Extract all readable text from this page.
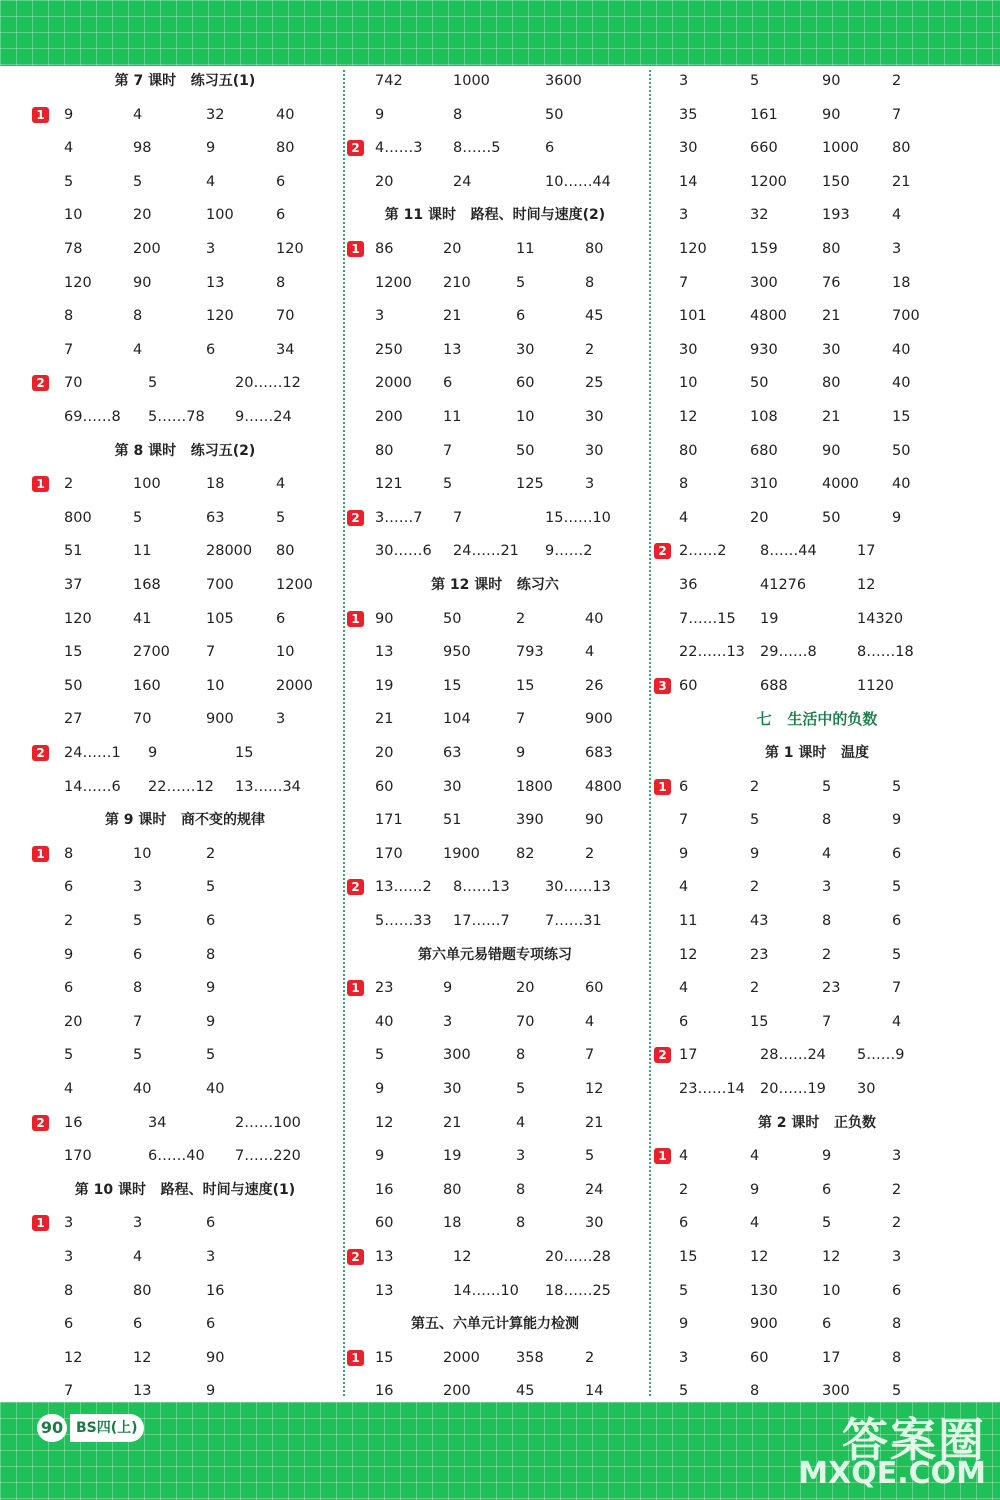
第 7 课时   练习五(1)
1 9	4	32	40
4	98	9	80
5	5	4	6
10	20	100	6
78	200	3	120
120	90	13	8
8	8	120	70
7	4	6	34
2 70	5	20……12
69……8 5……78 9……24
第 8 课时   练习五(2)
1 2	100	18	4
800	5	63	5
51	11	28000 80
37	168	700	1200
120	41	105	6
15	2700 7	10
50	160	10	2000
27	70	900	3
2 24……1 9	15
14……6 22……12 13……34
第 9 课时   商不变的规律
1 8	10	2
6	3	5
2	5	6
9	6	8
6	8	9
20	7	9
5	5	5
4	40	40
2 16	34	2……100
170	6……40 7……220
第 10 课时   路程、时间与速度(1)
1 3	3	6
3	4	3
8	80	16
6	6	6
12	12	90
7	13	9
742	1000	3600
9	8	50
2 4……3 8……5	6
20	24	10……44
第 11 课时   路程、时间与速度(2)
1 86	20	11	80
1200 210	5	8
3	21	6	45
250	13	30	2
2000 6	60	25
200	11	10	30
80	7	50	30
121	5	125	3
2 3……7 7	15……10
30……6 24……21 9……2
第 12 课时   练习六
1 90	50	2	40
13	950	793	4
19	15	15	26
21	104	7	900
20	63	9	683
60	30	1800 4800
171	51	390	90
170	1900 82	2
2 13……2 8……13 30……13
5……33 17……7 7……31
第六单元易错题专项练习
1 23	9	20	60
40	3	70	4
5	300	8	7
9	30	5	12
12	21	4	21
9	19	3	5
16	80	8	24
60	18	8	30
2 13	12	20……28
13	14……10 18……25
第五、六单元计算能力检测
1 15	2000 358	2
16	200	45	14
3	5	90	2
35	161	90	7
30	660	1000 80
14	1200 150	21
3	32	193	4
120	159	80	3
7	300	76	18
101	4800 21	700
30	930	30	40
10	50	80	40
12	108	21	15
80	680	90	50
8	310	4000 40
4	20	50	9
2 2……2 8……44	17
36	41276	12
7……15 19	14320
22……13 29……8	8……18
3 60	688	1120
七   生活中的负数
第 1 课时   温度
1 6	2	5	5
7	5	8	9
9	9	4	6
4	2	3	5
11	43	8	6
12	23	2	5
4	2	23	7
6	15	7	4
2 17	28……24 5……9
23……14 20……19 30
第 2 课时   正负数
1 4	4	9	3
2	9	6	2
6	4	5	2
15	12	12	3
5	130	10	6
9	900	6	8
3	60	17	8
5	8	300	5
90 BS四(上)	答案圈
MXQE.COM
